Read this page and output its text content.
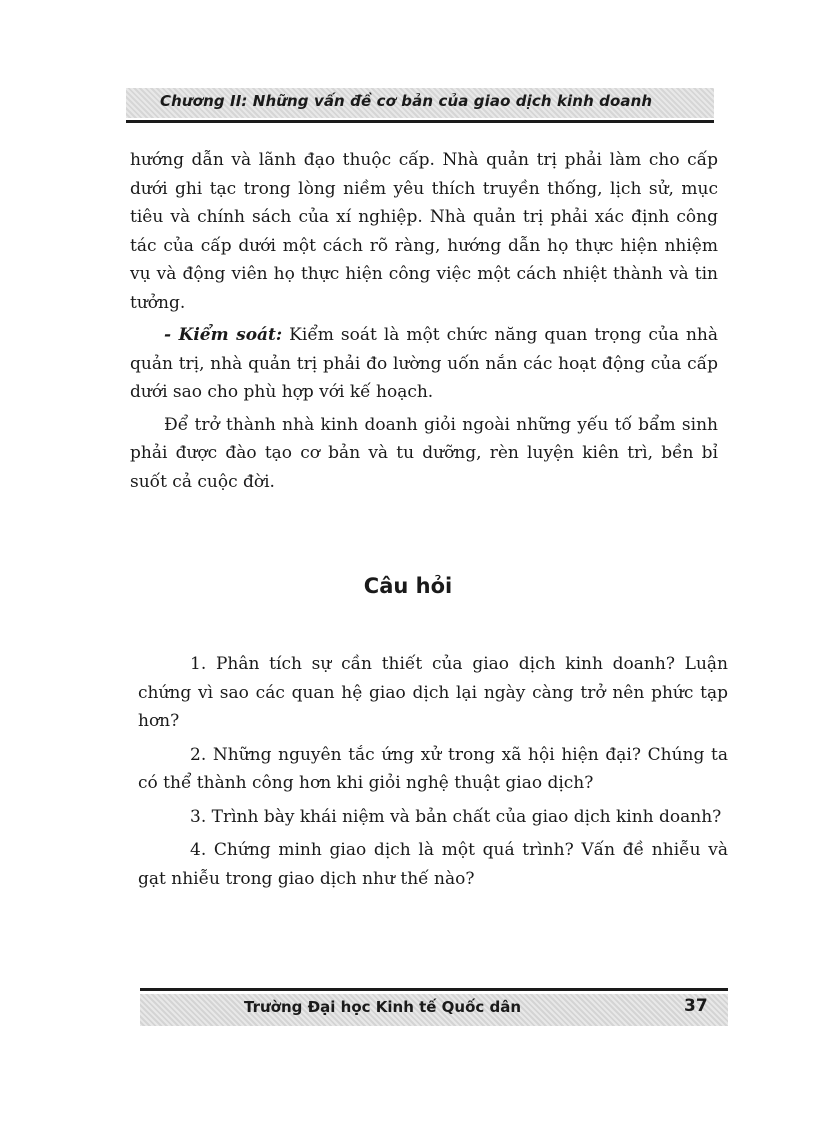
Chương II: Những vấn đề cơ bản của giao dịch kinh doanh

hướng dẫn và lãnh đạo thuộc cấp. Nhà quản trị phải làm cho cấp dưới ghi tạc trong lòng niềm yêu thích truyền thống, lịch sử, mục tiêu và chính sách của xí nghiệp. Nhà quản trị phải xác định công tác của cấp dưới một cách rõ ràng, hướng dẫn họ thực hiện nhiệm vụ và động viên họ thực hiện công việc một cách nhiệt thành và tin tưởng.

- Kiểm soát: Kiểm soát là một chức năng quan trọng của nhà quản trị, nhà quản trị phải đo lường uốn nắn các hoạt động của cấp dưới sao cho phù hợp với kế hoạch.

Để trở thành nhà kinh doanh giỏi ngoài những yếu tố bẩm sinh phải được đào tạo cơ bản và tu dưỡng, rèn luyện kiên trì, bền bỉ suốt cả cuộc đời.

Câu hỏi

1. Phân tích sự cần thiết của giao dịch kinh doanh? Luận chứng vì sao các quan hệ giao dịch lại ngày càng trở nên phức tạp hơn?

2. Những nguyên tắc ứng xử trong xã hội hiện đại? Chúng ta có thể thành công hơn khi giỏi nghệ thuật giao dịch?

3. Trình bày khái niệm và bản chất của giao dịch kinh doanh?

4. Chứng minh giao dịch là một quá trình? Vấn đề nhiễu và gạt nhiễu trong giao dịch như thế nào?

Trường Đại học Kinh tế Quốc dân	37
